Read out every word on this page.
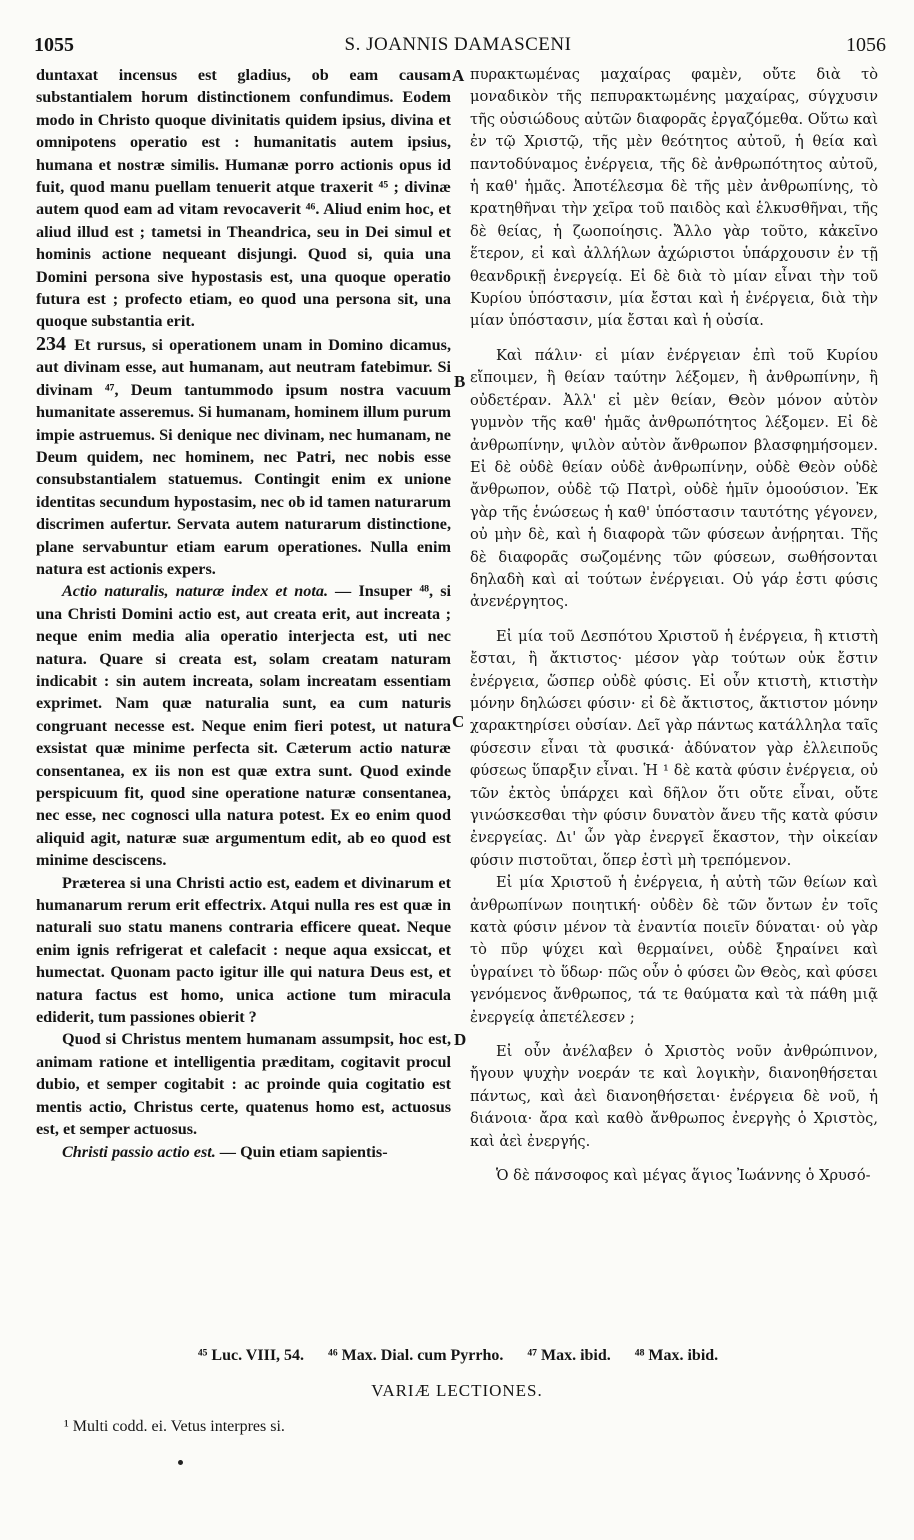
1055	S. JOANNIS DAMASCENI	1056

duntaxat incensus est gladius, ob eam causam substantialem horum distinctionem confundimus. Eodem modo in Christo quoque divinitatis quidem ipsius, divina et omnipotens operatio est : humanitatis autem ipsius, humana et nostræ similis. Humanæ porro actionis opus id fuit, quod manu puellam tenuerit atque traxerit ⁴⁵ ; divinæ autem quod eam ad vitam revocaverit ⁴⁶. Aliud enim hoc, et aliud illud est ; tametsi in Theandrica, seu in Dei simul et hominis actione nequeant disjungi. Quod si, quia una Domini persona sive hypostasis est, una quoque operatio futura est ; profecto etiam, eo quod una persona sit, una quoque substantia erit.

234 Et rursus, si operationem unam in Domino dicamus, aut divinam esse, aut humanam, aut neutram fatebimur. Si divinam ⁴⁷, Deum tantummodo ipsum nostra vacuum humanitate asseremus. Si humanam, hominem illum purum impie astruemus. Si denique nec divinam, nec humanam, ne Deum quidem, nec hominem, nec Patri, nec nobis esse consubstantialem statuemus. Contingit enim ex unione identitas secundum hypostasim, nec ob id tamen naturarum discrimen aufertur. Servata autem naturarum distinctione, plane servabuntur etiam earum operationes. Nulla enim natura est actionis expers.

Actio naturalis, naturæ index et nota. — Insuper ⁴⁸, si una Christi Domini actio est, aut creata erit, aut increata ; neque enim media alia operatio interjecta est, uti nec natura. Quare si creata est, solam creatam naturam indicabit : sin autem increata, solam increatam essentiam exprimet. Nam quæ naturalia sunt, ea cum naturis congruant necesse est. Neque enim fieri potest, ut natura exsistat quæ minime perfecta sit. Cæterum actio naturæ consentanea, ex iis non est quæ extra sunt. Quod exinde perspicuum fit, quod sine operatione naturæ consentanea, nec esse, nec cognosci ulla natura potest. Ex eo enim quod aliquid agit, naturæ suæ argumentum edit, ab eo quod est minime desciscens.

Præterea si una Christi actio est, eadem et divinarum et humanarum rerum erit effectrix. Atqui nulla res est quæ in naturali suo statu manens contraria efficere queat. Neque enim ignis refrigerat et calefacit : neque aqua exsiccat, et humectat. Quonam pacto igitur ille qui natura Deus est, et natura factus est homo, unica actione tum miracula ediderit, tum passiones obierit ?

Quod si Christus mentem humanam assumpsit, hoc est, animam ratione et intelligentia præditam, cogitavit procul dubio, et semper cogitabit : ac proinde quia cogitatio est mentis actio, Christus certe, quatenus homo est, actuosus est, et semper actuosus.

Christi passio actio est. — Quin etiam sapientis-

A
B
C
D

πυρακτωμένας μαχαίρας φαμὲν, οὔτε διὰ τὸ μοναδικὸν τῆς πεπυρακτωμένης μαχαίρας, σύγχυσιν τῆς οὐσιώδους αὐτῶν διαφορᾶς ἐργαζόμεθα. Οὕτω καὶ ἐν τῷ Χριστῷ, τῆς μὲν θεότητος αὐτοῦ, ἡ θεία καὶ παντοδύναμος ἐνέργεια, τῆς δὲ ἀνθρωπότητος αὐτοῦ, ἡ καθ' ἡμᾶς. Ἀποτέλεσμα δὲ τῆς μὲν ἀνθρωπίνης, τὸ κρατηθῆναι τὴν χεῖρα τοῦ παιδὸς καὶ ἑλκυσθῆναι, τῆς δὲ θείας, ἡ ζωοποίησις. Ἄλλο γὰρ τοῦτο, κἀκεῖνο ἕτερον, εἰ καὶ ἀλλήλων ἀχώριστοι ὑπάρχουσιν ἐν τῇ θεανδρικῇ ἐνεργείᾳ. Εἰ δὲ διὰ τὸ μίαν εἶναι τὴν τοῦ Κυρίου ὑπόστασιν, μία ἔσται καὶ ἡ ἐνέργεια, διὰ τὴν μίαν ὑπόστασιν, μία ἔσται καὶ ἡ οὐσία.

Καὶ πάλιν· εἰ μίαν ἐνέργειαν ἐπὶ τοῦ Κυρίου εἴποιμεν, ἢ θείαν ταύτην λέξομεν, ἢ ἀνθρωπίνην, ἢ οὐδετέραν. Ἀλλ' εἰ μὲν θείαν, Θεὸν μόνον αὐτὸν γυμνὸν τῆς καθ' ἡμᾶς ἀνθρωπότητος λέξομεν. Εἰ δὲ ἀνθρωπίνην, ψιλὸν αὐτὸν ἄνθρωπον βλασφημήσομεν. Εἰ δὲ οὐδὲ θείαν οὐδὲ ἀνθρωπίνην, οὐδὲ Θεὸν οὐδὲ ἄνθρωπον, οὐδὲ τῷ Πατρὶ, οὐδὲ ἡμῖν ὁμοούσιον. Ἐκ γὰρ τῆς ἑνώσεως ἡ καθ' ὑπόστασιν ταυτότης γέγονεν, οὐ μὴν δὲ, καὶ ἡ διαφορὰ τῶν φύσεων ἀνῄρηται. Τῆς δὲ διαφορᾶς σωζομένης τῶν φύσεων, σωθήσονται δηλαδὴ καὶ αἱ τούτων ἐνέργειαι. Οὐ γάρ ἐστι φύσις ἀνενέργητος.

Εἰ μία τοῦ Δεσπότου Χριστοῦ ἡ ἐνέργεια, ἢ κτιστὴ ἔσται, ἢ ἄκτιστος· μέσον γὰρ τούτων οὐκ ἔστιν ἐνέργεια, ὥσπερ οὐδὲ φύσις. Εἰ οὖν κτιστὴ, κτιστὴν μόνην δηλώσει φύσιν· εἰ δὲ ἄκτιστος, ἄκτιστον μόνην χαρακτηρίσει οὐσίαν. Δεῖ γὰρ πάντως κατάλληλα ταῖς φύσεσιν εἶναι τὰ φυσικά· ἀδύνατον γὰρ ἐλλειποῦς φύσεως ὕπαρξιν εἶναι. Ἡ ¹ δὲ κατὰ φύσιν ἐνέργεια, οὐ τῶν ἐκτὸς ὑπάρχει καὶ δῆλον ὅτι οὔτε εἶναι, οὔτε γινώσκεσθαι τὴν φύσιν δυνατὸν ἄνευ τῆς κατὰ φύσιν ἐνεργείας. Δι' ὧν γὰρ ἐνεργεῖ ἕκαστον, τὴν οἰκείαν φύσιν πιστοῦται, ὅπερ ἐστὶ μὴ τρεπόμενον.

Εἰ μία Χριστοῦ ἡ ἐνέργεια, ἡ αὐτὴ τῶν θείων καὶ ἀνθρωπίνων ποιητική· οὐδὲν δὲ τῶν ὄντων ἐν τοῖς κατὰ φύσιν μένον τὰ ἐναντία ποιεῖν δύναται· οὐ γὰρ τὸ πῦρ ψύχει καὶ θερμαίνει, οὐδὲ ξηραίνει καὶ ὑγραίνει τὸ ὕδωρ· πῶς οὖν ὁ φύσει ὢν Θεὸς, καὶ φύσει γενόμενος ἄνθρωπος, τά τε θαύματα καὶ τὰ πάθη μιᾷ ἐνεργείᾳ ἀπετέλεσεν ;

Εἰ οὖν ἀνέλαβεν ὁ Χριστὸς νοῦν ἀνθρώπινον, ἤγουν ψυχὴν νοεράν τε καὶ λογικὴν, διανοηθήσεται πάντως, καὶ ἀεὶ διανοηθήσεται· ἐνέργεια δὲ νοῦ, ἡ διάνοια· ἄρα καὶ καθὸ ἄνθρωπος ἐνεργὴς ὁ Χριστὸς, καὶ ἀεὶ ἐνεργής.

Ὁ δὲ πάνσοφος καὶ μέγας ἅγιος Ἰωάννης ὁ Χρυσό-

⁴⁵ Luc. VIII, 54. ⁴⁶ Max. Dial. cum Pyrrho. ⁴⁷ Max. ibid. ⁴⁸ Max. ibid.
VARIÆ LECTIONES.
¹ Multi codd. ei. Vetus interpres si.
